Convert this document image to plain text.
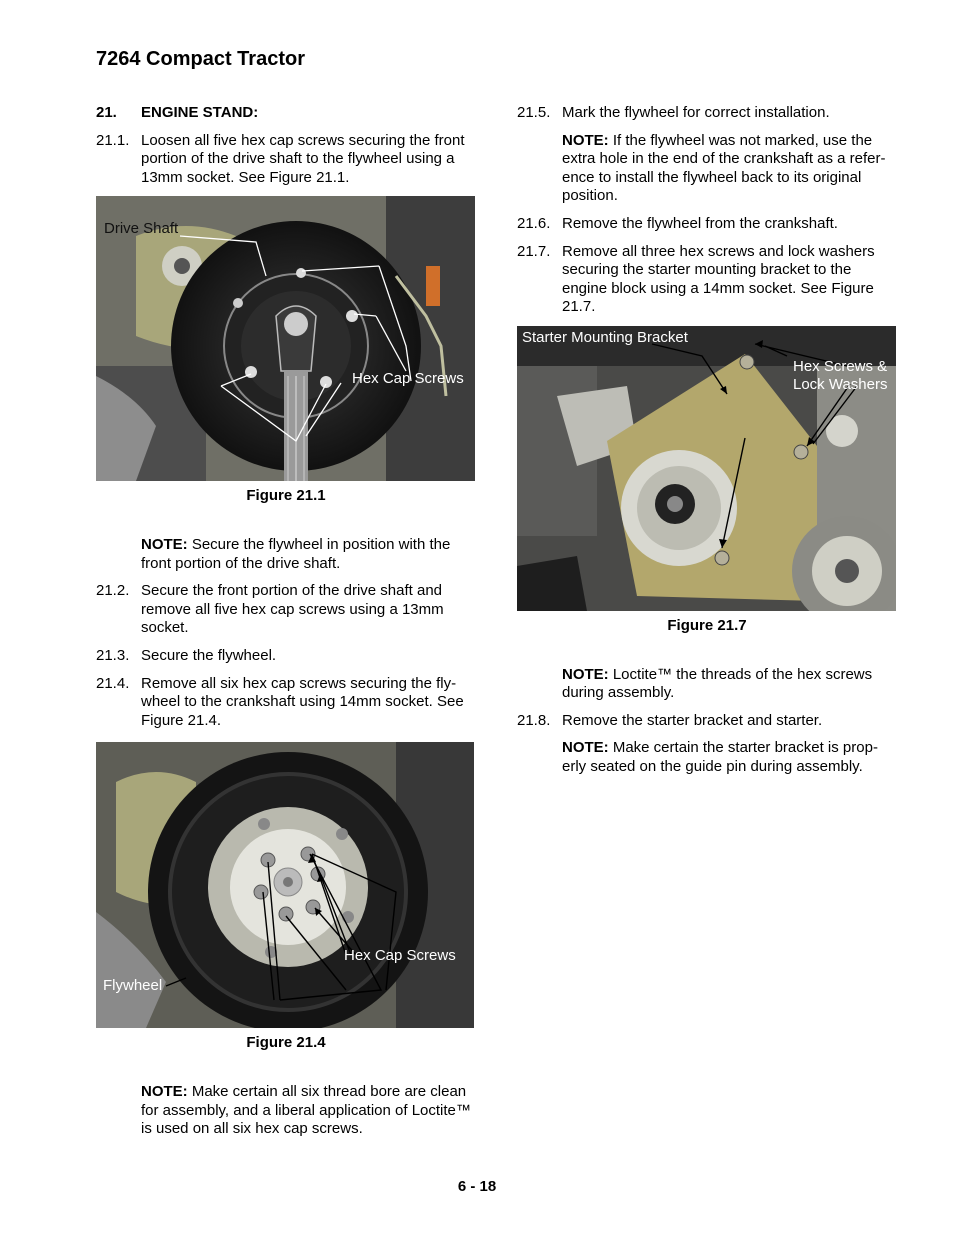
7264 Compact Tractor
21.	ENGINE STAND:
21.1. Loosen all five hex cap screws securing the front portion of the drive shaft to the flywheel using a 13mm socket. See Figure 21.1.
Drive Shaft
Hex Cap Screws
Figure 21.1
NOTE: Secure the flywheel in position with the front portion of the drive shaft.
21.2. Secure the front portion of the drive shaft and remove all five hex cap screws using a 13mm socket.
21.3. Secure the flywheel.
21.4. Remove all six hex cap screws securing the fly-wheel to the crankshaft using 14mm socket. See Figure 21.4.
Hex Cap Screws
Flywheel
Figure 21.4
NOTE: Make certain all six thread bore are clean for assembly, and a liberal application of Loctite™ is used on all six hex cap screws.
21.5. Mark the flywheel for correct installation.
NOTE: If the flywheel was not marked, use the extra hole in the end of the crankshaft as a refer-ence to install the flywheel back to its original position.
21.6. Remove the flywheel from the crankshaft.
21.7. Remove all three hex screws and lock washers securing the starter mounting bracket to the engine block using a 14mm socket. See Figure 21.7.
Starter Mounting Bracket
Hex Screws &
Lock Washers
Figure 21.7
NOTE: Loctite™ the threads of the hex screws during assembly.
21.8. Remove the starter bracket and starter.
NOTE: Make certain the starter bracket is prop-erly seated on the guide pin during assembly.
6 - 18
